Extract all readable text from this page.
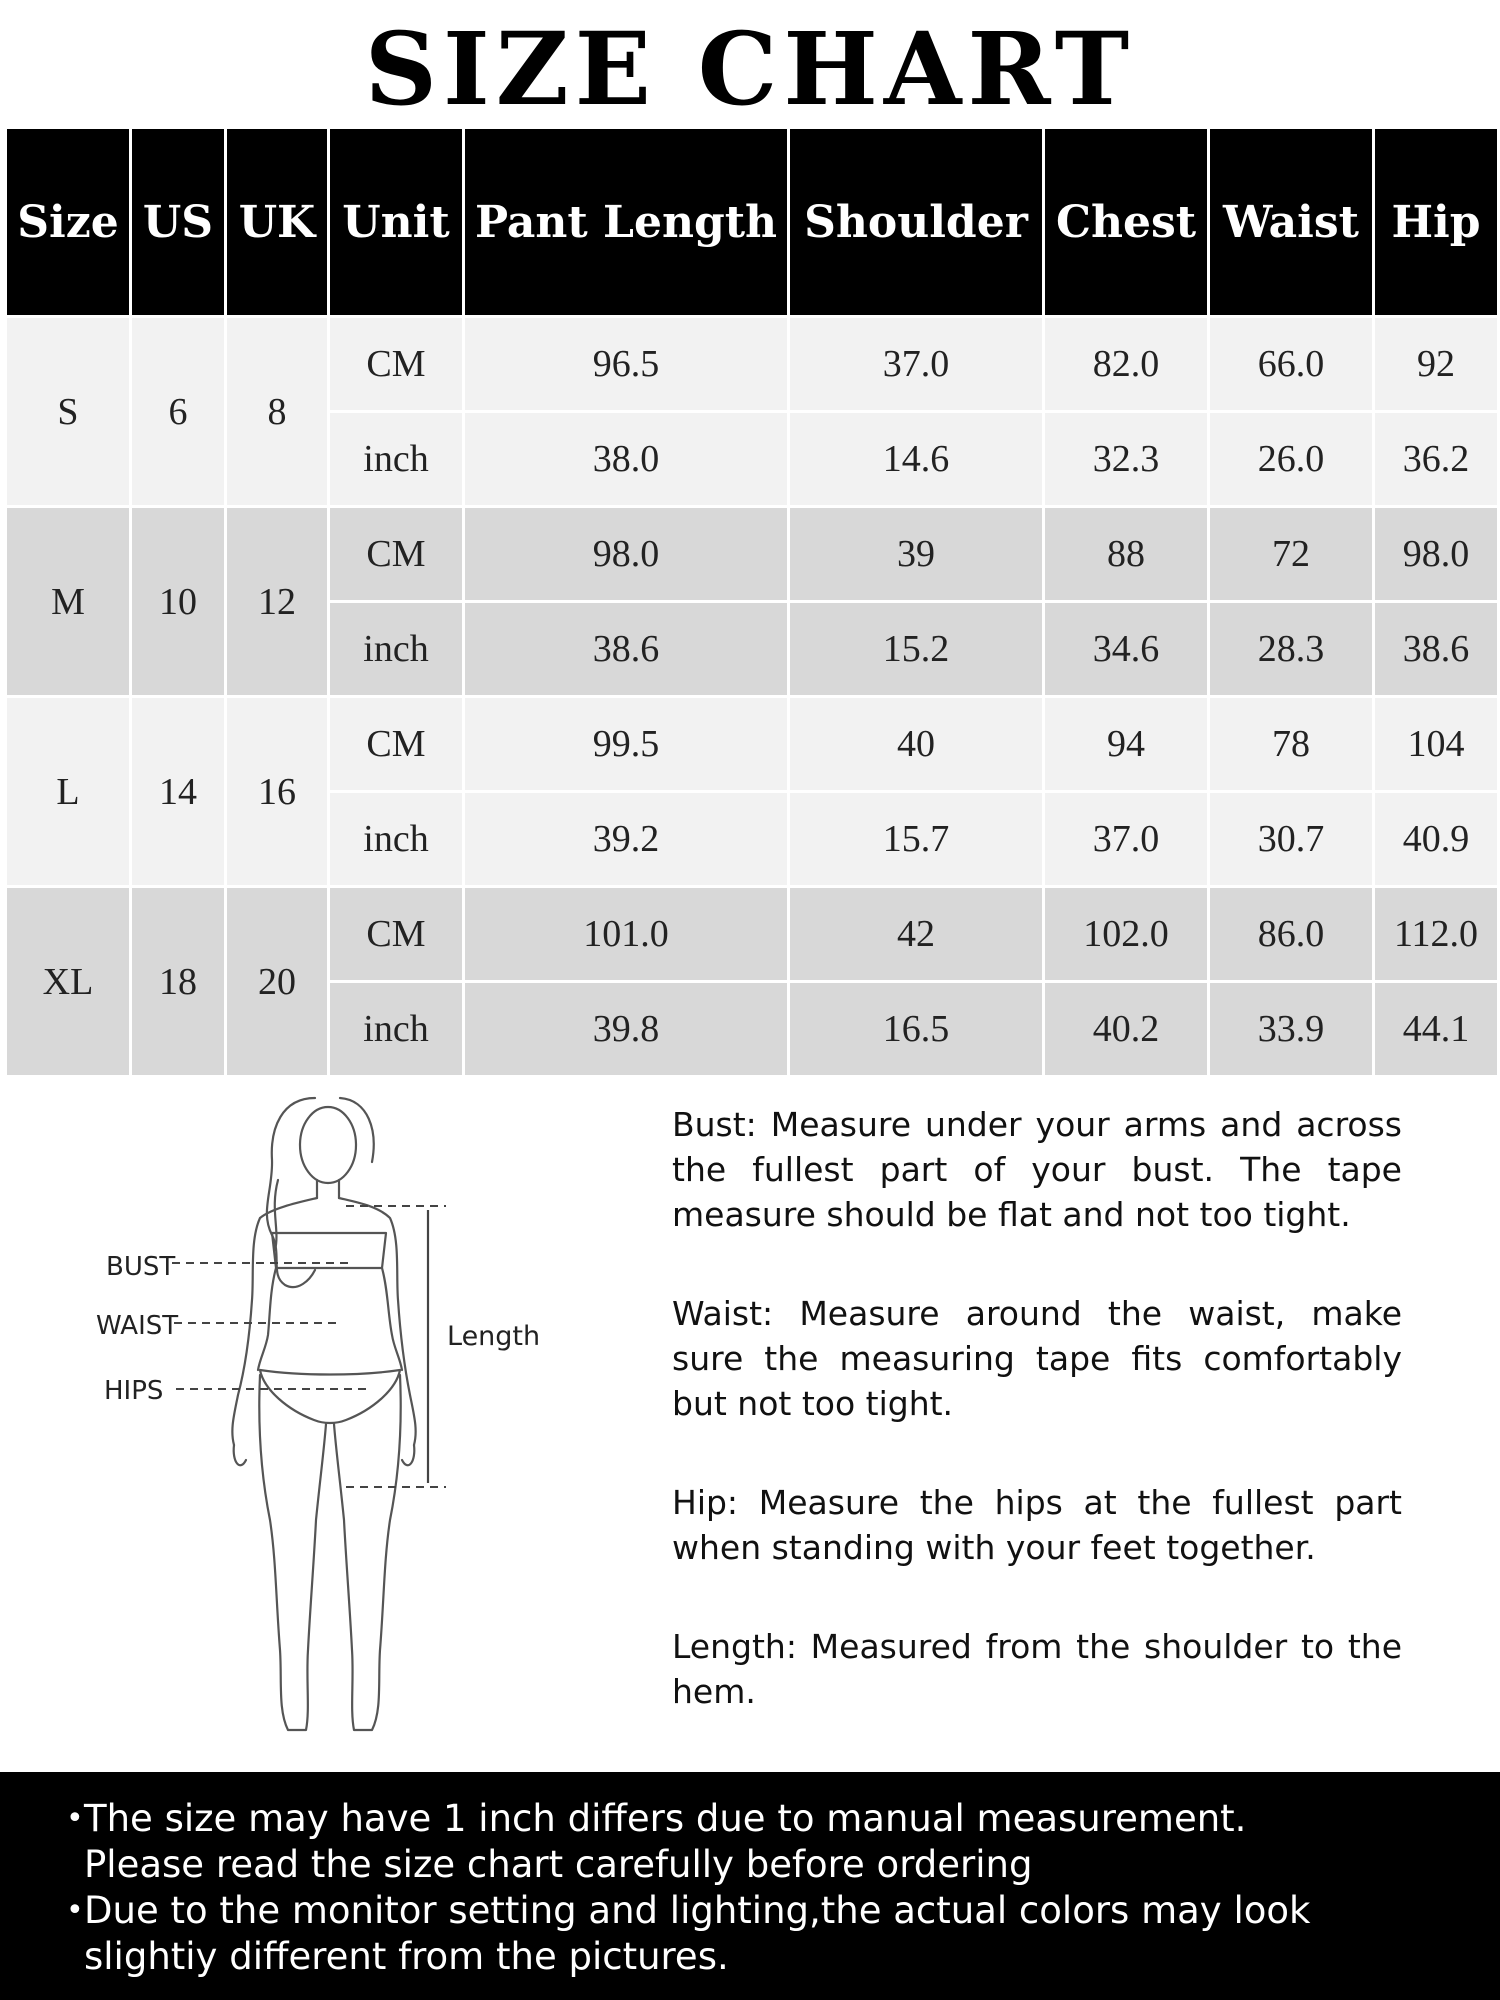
SIZE CHART
Size	US	UK	Unit	Pant Length	Shoulder	Chest	Waist	Hip
S	6	8	CM	96.5	37.0	82.0	66.0	92
			inch	38.0	14.6	32.3	26.0	36.2
M	10	12	CM	98.0	39	88	72	98.0
			inch	38.6	15.2	34.6	28.3	38.6
L	14	16	CM	99.5	40	94	78	104
			inch	39.2	15.7	37.0	30.7	40.9
XL	18	20	CM	101.0	42	102.0	86.0	112.0
			inch	39.8	16.5	40.2	33.9	44.1
BUST
WAIST
HIPS
Length

Bust: Measure under your arms and across the fullest part of your bust. The tape measure should be flat and not too tight.

Waist: Measure around the waist, make sure the measuring tape fits comfortably but not too tight.

Hip: Measure the hips at the fullest part when standing with your feet together.

Length: Measured from the shoulder to the hem.

• The size may have 1 inch differs due to manual measurement.
Please read the size chart carefully before ordering
• Due to the monitor setting and lighting,the actual colors may look
slightiy different from the pictures.
